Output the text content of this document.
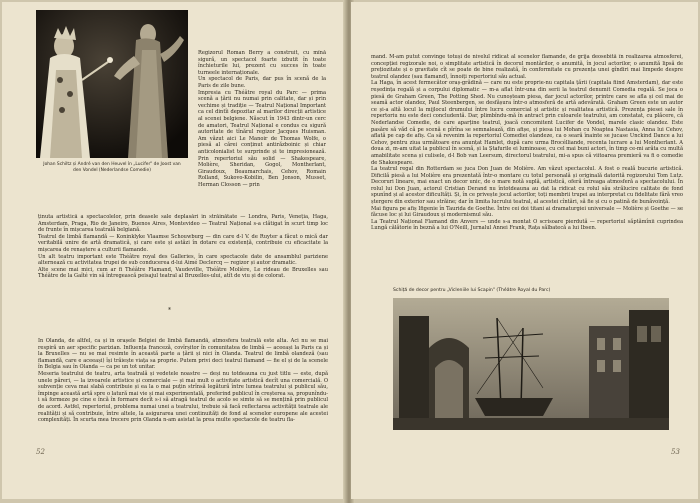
Johan Schiltz și André van den Heuvel în „Lucifer" de Joost van den Vondel (Nederlandse Comedie)

Regizorul Roman Berry a construit, cu mînă sigură, un spectacol foarte izbutit în toate închieturile lui, prezent cu succes în toate turneele internaționale.
Un spectacol de Paris, dar pus în scenă de la Paris de zile bune.
Impresia cu Théâtre royal du Parc — prima scenă a țării nu numai prin calitate, dar și prin vechime și tradiție — Teatrul Național Important ca cel dintîi depozitar al marilor direcții artistice al scenei belgiene. Născut în 1943 dintr-un cerc de amatori, Teatrul Național e condus cu sigură autoritate de tînărul regizor Jacques Huisman. Am văzut aici Le Manoir de Thomas Wolfe, o piesă al cărei conținut antirăzboinic și chiar anticolonialist te surprinde și te impresionează. Prin repertoriul său solid — Shakespeare, Molière, Sheridan, Gogol, Montherlant, Giraudoux, Beaumarchais, Cehov, Romain Rolland, Sukovo-Kobilin, Ben Jonson, Musset, Herman Closson — prin

ținuta artistică a spectacolelor, prin deasele sale deplasări în străinătate — Londra, Paris, Veneția, Haga, Amsterdam, Praga, Rio de Janeiro, Buenos Aires, Montevideo — Teatrul Național s-a clătigat în scurt timp loc de frunte în mișcarea teatrală belgiană.
Teatrul de limbă flamandă — Koninklyke Vlaamse Schouwburg — din care d-l V. de Ruyter a făcut o mică dar veritabilă unire de artă dramatică, și care este și astăzi în dotare cu existență, contribuie cu eficacitate la mișcarea de renaștere a culturii flamande.
Un alt teatru important este Théâtre royal des Galleries, în care spectacole date de ansamblul pariziene alternează cu activitatea trupei de sub conducerea d-lui Aimé Declercq — regizor și autor dramatic.
Alte scene mai mici, cum ar fi Théâtre Flamand, Vaudeville, Théâtre Molière, Le rideau de Bruxelles sau Théâtre de la Gaîté vin să întregească peisajul teatral al Bruxelles-ului, atît de viu și de colorat.

*

În Olanda, de altfel, ca și în orașele Belgiei de limbă flamandă, atmosfera teatrală este alta. Aci nu se mai respiră un aer specific parizian. Influența franceză, covîrșitor în comunitatea de limbă — aceeași la Paris ca și la Bruxelles — nu se mai resimte în această parte a țării și nici în Olanda. Teatrul de limbă olandeză (sau flamandă, care e aceeași) își trăiește viața sa proprie. Putem privi deci teatrul flamand — fie el și de la scenele în Belgia sau în Olanda — ca pe un tot unitar.
Meseria teatrului de teatru, arta teatrală și vedetele noastre — deși nu totdeauna cu just titlu — este, după unele păreri, — la izvoarele artistice și comerciale — și mai mult o activitate artistică decît una comercială. O subvenție ceva mai slabă contribuie și ea la o mai puțin strînsă legătură între lumea teatrului și publicul său, împinge această artă spre o latură mai vie și mai experimentală, preferind publicul în creșterea sa, propunîndu-i să formeze pe cine e încă în formare decît s-i să atragă teatrul de acolo se simte să se mențină prin publicul de acord. Astfel, repertoriul, problema numai unei a teatrului, trebuie să facă reflectarea activității teatrale ale realității și să contribuie, între altele, la asigurarea unei continuități de fond al scenelor europene ale acestei complexități. În scurta mea trecere prin Olanda n-am asistat la prea multe spectacole de teatru fla-

52

mand. M-am putut convinge totuși de nivelul ridicat al scenelor flamande, de grija deosebită în realizarea atmosferei, concepției regizorale noi, o simplitate artistică în decorul montărilor, o anumită, în jocul actorilor, o anumită lipsă de prețiozitate și o gravitate cît se poate de bine realizată, în conformitate cu prezența unei gîndiri mai limpede despre teatrul olandez (sau flamand), înnoiți repertoriul său actual.
La Haga, în acest fermecător oraș-grădină — care nu este proprie-nu capitala țării (capitala fiind Amsterdam), dar este reședința regală și a corpului diplomatic — m-a aflat într-una din serii la teatrul denumit Comedia regală. Se joca o piesă de Graham Green, The Potting Shed. Nu cunoșteam piesa, dar jocul actorilor, printre care se afla și cel mai de seamă actor olandez, Paul Steenbergen, se desfășura într-o atmosferă de artă adevărată. Graham Green este un autor ce și-a altă locul la mijlocul drumului între lucru comercial și artistic și realitatea artistică. Prezența piesei sale în repertoriu nu este deci concludentă. Dar, plimbîndu-mă în antract prin culoarele teatrului, am constatat, cu plăcere, că Nederlandse Comedie, de care aparține teatrul, joacă concomitent Lucifer de Vondel, marele clasic olandez. Este pasăre să văd că pe scenă e pîrîna se semnalează, din afișe, și piesa lui Mohan cu Noaptea Nastasia, Anna lui Cehov, aflată pe cap de afiș. Ca să revenim la repertoriul Comediei olandeze, ca o seară înainte se jucase Unckind Dance a lui Cehov, pentru ziua următoare era anunțat Hamlet, după care urma Brocélliande, recenta lucrare a lui Montherlant. A doua zi, m-am uitat la publicul în scenă, și la Ștafurile ei luminoase, cu cel mai buni actori, în timp ce-mi arăta cu multă amabilitate scena și culisele, d-l Bob van Leersum, directorul teatrului, mi-a spus că viitoarea premieră va fi o comedie de Shakespeare.
La teatrul regal din Rotterdam se juca Don Juan de Molière. Am văzut spectacolul. A fost o reală bucurie artistică. Dificilă piesă a lui Molière era prezentată într-o montare cu totul personală și originală datorită regizorului Tom Lutz. Decoruri lineare, mai exact un decor unic, de o mare notă suplă, artistică, oferă întreaga atmosferă a spectacolului. În rolul lui Don Juan, actorul Cristian Derand nu întotdeauna au dat la ridicat cu rolul său strălucire calitate de fond spunînd și al acestor dificultăți. Și, în ce privește jocul actorilor, toți membrii trupei au interpretat cu fidelitate fără vreo ștergere din exterior sau străine; dar în limita lucrului teatral, al acestei cîntări, să fie și cu o patină de bunăvoință.
Mai figura pe afiș Ifigenie în Taurida de Goethe. Între cei doi titani ai dramaturgiei universale — Molière și Goethe — se făcuse loc și lui Giraudoux și modernismul său.
La Teatrul Național Flamand din Anvers — unde s-a montat O scrisoare pierdută — repertoriul săptămînii cuprindea Lungă călătorie în beznă a lui O'Neill, Jurnalul Annei Frank, Rața sălbatecă a lui Ibsen.

Schiță de decor pentru „Vicleniile lui Scapin" (Théâtre Royal du Parc)
53
